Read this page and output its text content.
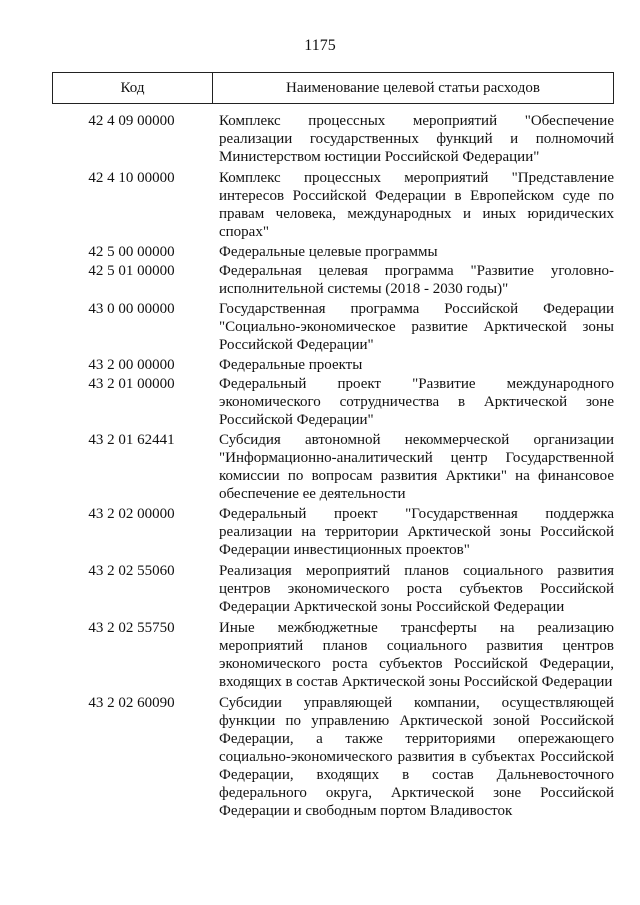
1175
Код	Наименование целевой статьи расходов
42 4 09 00000	Комплекс процессных мероприятий "Обеспечение реализации государственных функций и полномочий Министерством юстиции Российской Федерации"
42 4 10 00000	Комплекс процессных мероприятий "Представление интересов Российской Федерации в Европейском суде по правам человека, международных и иных юридических спорах"
42 5 00 00000	Федеральные целевые программы
42 5 01 00000	Федеральная целевая программа "Развитие уголовно-исполнительной системы (2018 - 2030 годы)"
43 0 00 00000	Государственная программа Российской Федерации "Социально-экономическое развитие Арктической зоны Российской Федерации"
43 2 00 00000	Федеральные проекты
43 2 01 00000	Федеральный проект "Развитие международного экономического сотрудничества в Арктической зоне Российской Федерации"
43 2 01 62441	Субсидия автономной некоммерческой организации "Информационно-аналитический центр Государственной комиссии по вопросам развития Арктики" на финансовое обеспечение ее деятельности
43 2 02 00000	Федеральный проект "Государственная поддержка реализации на территории Арктической зоны Российской Федерации инвестиционных проектов"
43 2 02 55060	Реализация мероприятий планов социального развития центров экономического роста субъектов Российской Федерации Арктической зоны Российской Федерации
43 2 02 55750	Иные межбюджетные трансферты на реализацию мероприятий планов социального развития центров экономического роста субъектов Российской Федерации, входящих в состав Арктической зоны Российской Федерации
43 2 02 60090	Субсидии управляющей компании, осуществляющей функции по управлению Арктической зоной Российской Федерации, а также территориями опережающего социально-экономического развития в субъектах Российской Федерации, входящих в состав Дальневосточного федерального округа, Арктической зоне Российской Федерации и свободным портом Владивосток
